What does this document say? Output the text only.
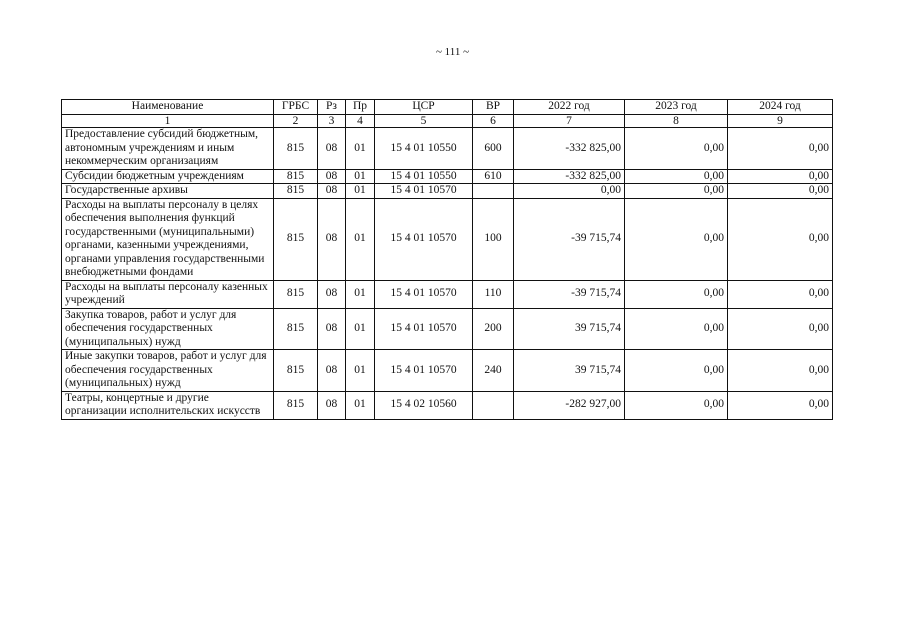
~ 111 ~
Наименование	ГРБС	Рз	Пр	ЦСР	ВР	2022 год	2023 год	2024 год
1	2	3	4	5	6	7	8	9
Предоставление субсидий бюджетным, автономным учреждениям и иным некоммерческим организациям	815	08	01	15 4 01 10550	600	-332 825,00	0,00	0,00
Субсидии бюджетным учреждениям	815	08	01	15 4 01 10550	610	-332 825,00	0,00	0,00
Государственные архивы	815	08	01	15 4 01 10570		0,00	0,00	0,00
Расходы на выплаты персоналу в целях обеспечения выполнения функций государственными (муниципальными) органами, казенными учреждениями, органами управления государственными внебюджетными фондами	815	08	01	15 4 01 10570	100	-39 715,74	0,00	0,00
Расходы на выплаты персоналу казенных учреждений	815	08	01	15 4 01 10570	110	-39 715,74	0,00	0,00
Закупка товаров, работ и услуг для обеспечения государственных (муниципальных) нужд	815	08	01	15 4 01 10570	200	39 715,74	0,00	0,00
Иные закупки товаров, работ и услуг для обеспечения государственных (муниципальных) нужд	815	08	01	15 4 01 10570	240	39 715,74	0,00	0,00
Театры, концертные и другие организации исполнительских искусств	815	08	01	15 4 02 10560		-282 927,00	0,00	0,00
